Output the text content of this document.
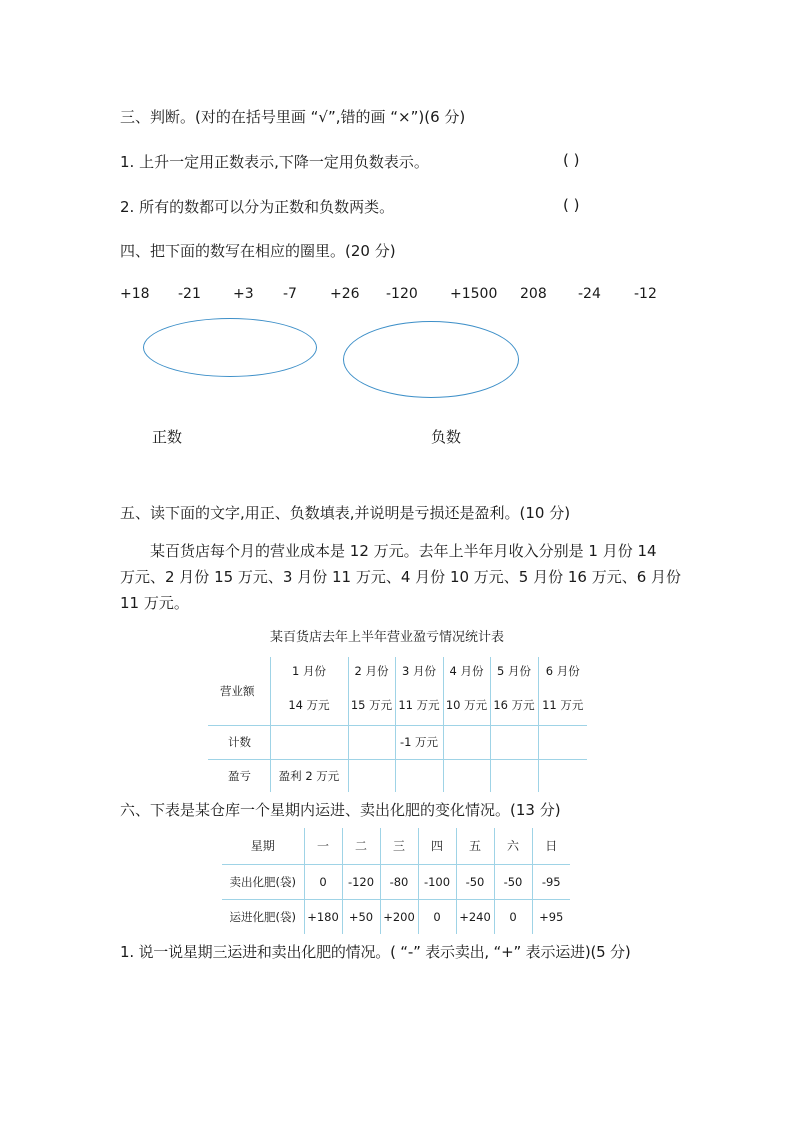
三、判断。(对的在括号里画 “√”,错的画 “×”)(6 分)
1. 上升一定用正数表示,下降一定用负数表示。	( )
2. 所有的数都可以分为正数和负数两类。	( )
四、把下面的数写在相应的圈里。(20 分)
+18 -21 +3 -7 +26 -120 +1500 208 -24 -12
正数	负数
五、读下面的文字,用正、负数填表,并说明是亏损还是盈利。(10 分)
某百货店每个月的营业成本是 12 万元。去年上半年月收入分别是 1 月份 14
万元、2 月份 15 万元、3 月份 11 万元、4 月份 10 万元、5 月份 16 万元、6 月份
11 万元。
某百货店去年上半年营业盈亏情况统计表
营业额	1 月份	2 月份	3 月份	4 月份	5 月份	6 月份
	14 万元	15 万元	11 万元	10 万元	16 万元	11 万元
计数			-1 万元			
盈亏	盈利 2 万元					
六、下表是某仓库一个星期内运进、卖出化肥的变化情况。(13 分)
星期	一	二	三	四	五	六	日
卖出化肥(袋)	0	-120	-80	-100	-50	-50	-95
运进化肥(袋)	+180	+50	+200	0	+240	0	+95
1. 说一说星期三运进和卖出化肥的情况。( “-” 表示卖出, “+” 表示运进)(5 分)
